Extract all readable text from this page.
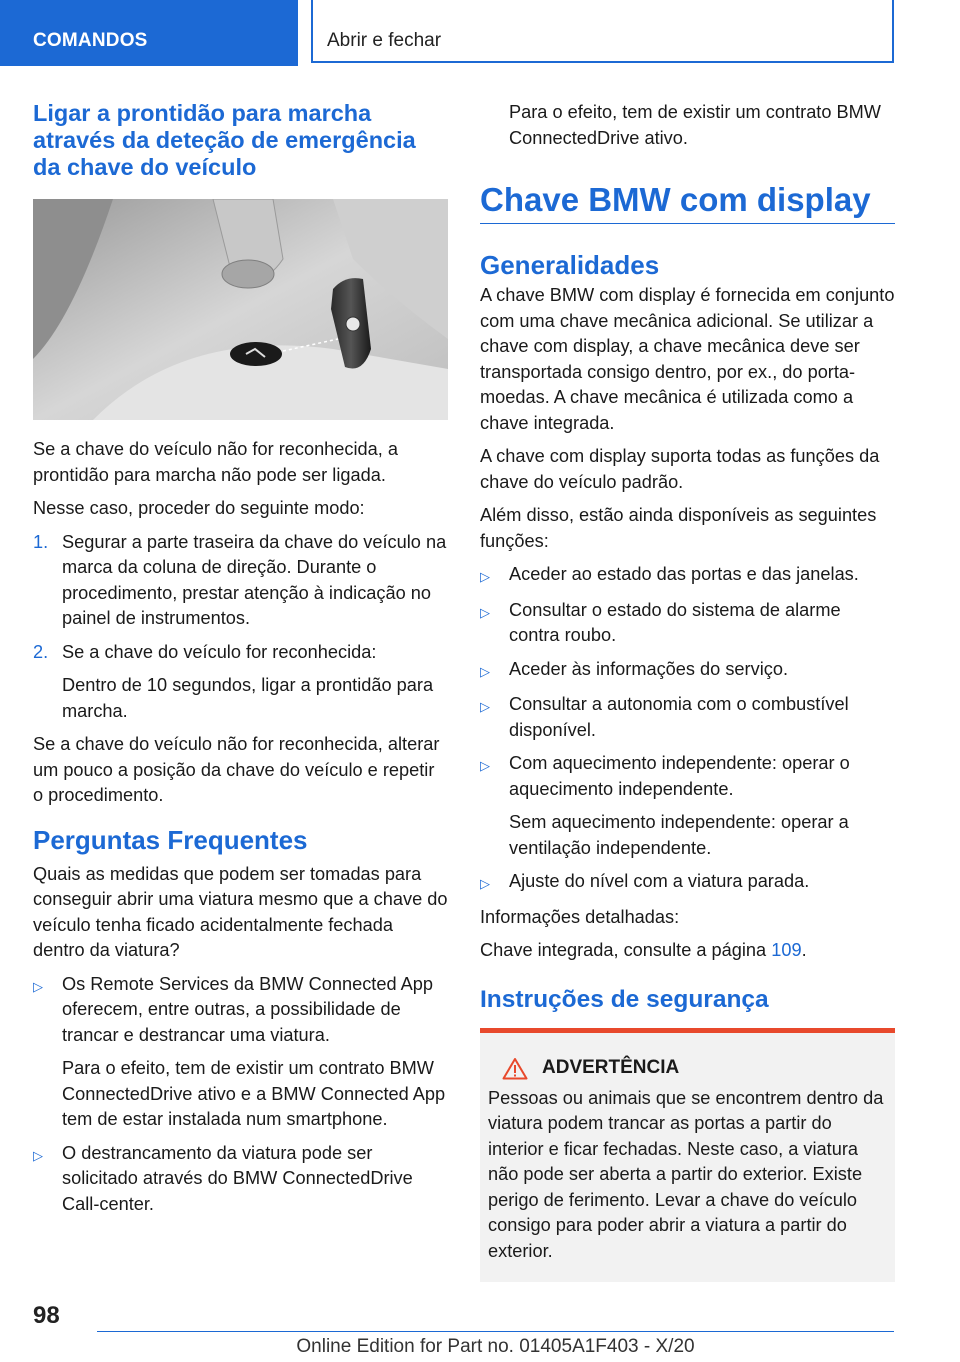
COMANDOS	Abrir e fechar
Ligar a prontidão para marcha através da deteção de emergência da chave do veículo

Se a chave do veículo não for reconhecida, a prontidão para marcha não pode ser ligada.

Nesse caso, proceder do seguinte modo:

1. Segurar a parte traseira da chave do veículo na marca da coluna de direção. Durante o procedimento, prestar atenção à indicação no painel de instrumentos.
2. Se a chave do veículo for reconhecida:

Dentro de 10 segundos, ligar a prontidão para marcha.

Se a chave do veículo não for reconhecida, alterar um pouco a posição da chave do veículo e repetir o procedimento.

Perguntas Frequentes

Quais as medidas que podem ser tomadas para conseguir abrir uma viatura mesmo que a chave do veículo tenha ficado acidentalmente fechada dentro da viatura?

▷	Os Remote Services da BMW Connected App oferecem, entre outras, a possibilidade de trancar e destrancar uma viatura.

Para o efeito, tem de existir um contrato BMW ConnectedDrive ativo e a BMW Connected App tem de estar instalada num smartphone.

▷	O destrancamento da viatura pode ser solicitado através do BMW ConnectedDrive Call-center.

Para o efeito, tem de existir um contrato BMW ConnectedDrive ativo.

Chave BMW com display
Generalidades

A chave BMW com display é fornecida em conjunto com uma chave mecânica adicional. Se utilizar a chave com display, a chave mecânica deve ser transportada consigo dentro, por ex., do porta-moedas. A chave mecânica é utilizada como a chave integrada.

A chave com display suporta todas as funções da chave do veículo padrão.

Além disso, estão ainda disponíveis as seguintes funções:

▷	Aceder ao estado das portas e das janelas.
▷	Consultar o estado do sistema de alarme contra roubo.
▷	Aceder às informações do serviço.
▷	Consultar a autonomia com o combustível disponível.
▷	Com aquecimento independente: operar o aquecimento independente.

Sem aquecimento independente: operar a ventilação independente.

▷	Ajuste do nível com a viatura parada.

Informações detalhadas:

Chave integrada, consulte a página 109.

Instruções de segurança
ADVERTÊNCIA

Pessoas ou animais que se encontrem dentro da viatura podem trancar as portas a partir do interior e ficar fechadas. Neste caso, a viatura não pode ser aberta a partir do exterior. Existe perigo de ferimento. Levar a chave do veículo consigo para poder abrir a viatura a partir do exterior.

98
Online Edition for Part no. 01405A1F403 - X/20
